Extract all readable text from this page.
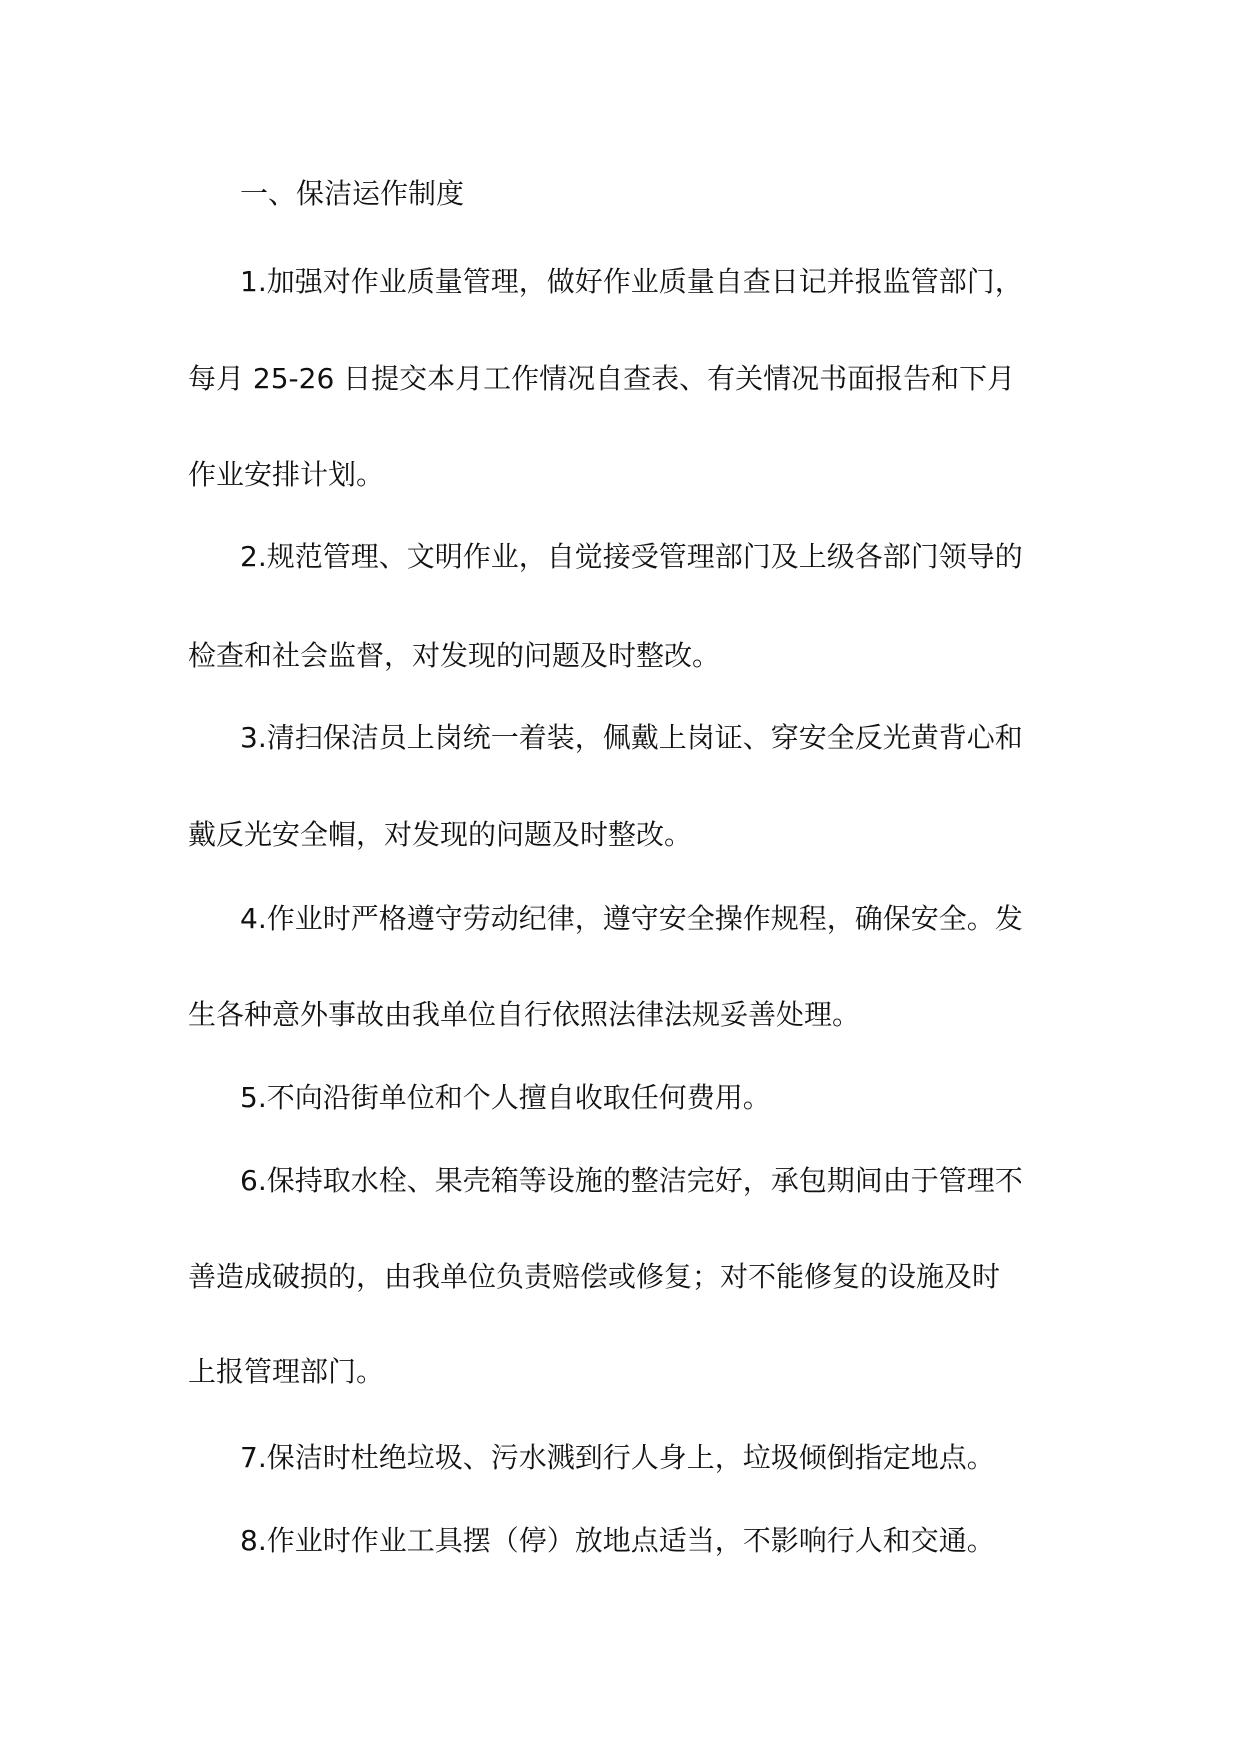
一、保洁运作制度
1.加强对作业质量管理，做好作业质量自查日记并报监管部门，
每月 25-26 日提交本月工作情况自查表、有关情况书面报告和下月
作业安排计划。
2.规范管理、文明作业，自觉接受管理部门及上级各部门领导的
检查和社会监督，对发现的问题及时整改。
3.清扫保洁员上岗统一着装，佩戴上岗证、穿安全反光黄背心和
戴反光安全帽，对发现的问题及时整改。
4.作业时严格遵守劳动纪律，遵守安全操作规程，确保安全。发
生各种意外事故由我单位自行依照法律法规妥善处理。
5.不向沿街单位和个人擅自收取任何费用。
6.保持取水栓、果壳箱等设施的整洁完好，承包期间由于管理不
善造成破损的，由我单位负责赔偿或修复；对不能修复的设施及时
上报管理部门。
7.保洁时杜绝垃圾、污水溅到行人身上，垃圾倾倒指定地点。
8.作业时作业工具摆（停）放地点适当，不影响行人和交通。
